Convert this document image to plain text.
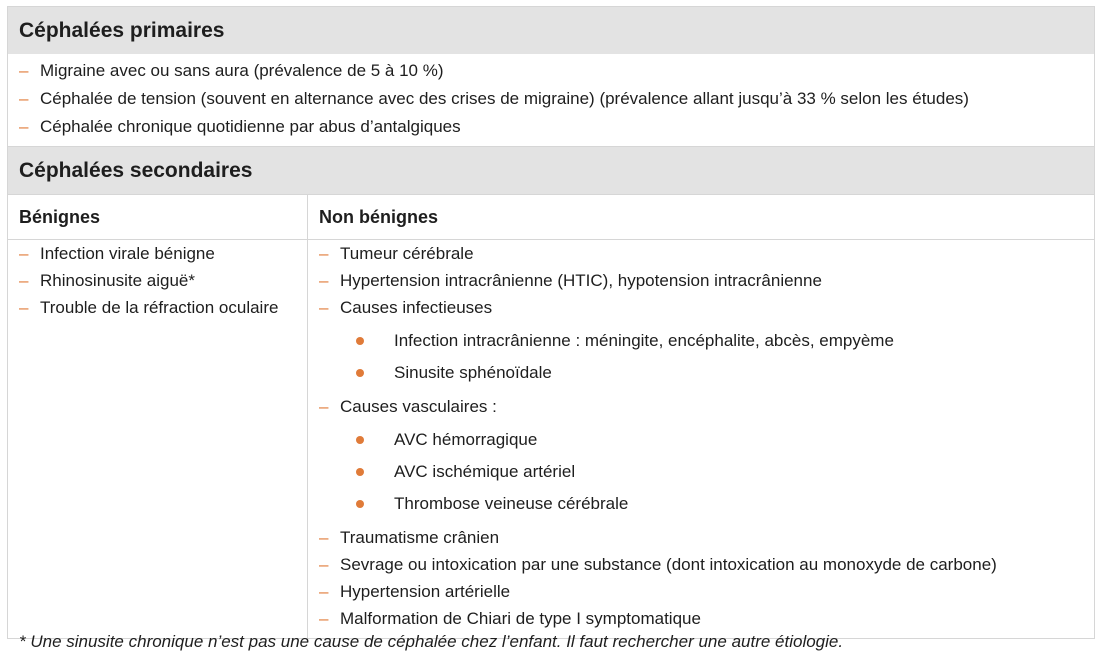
Céphalées primaires
– Migraine avec ou sans aura (prévalence de 5 à 10 %)
– Céphalée de tension (souvent en alternance avec des crises de migraine) (prévalence allant jusqu’à 33 % selon les études)
– Céphalée chronique quotidienne par abus d’antalgiques
Céphalées secondaires
Bénignes
– Infection virale bénigne
– Rhinosinusite aiguë*
– Trouble de la réfraction oculaire
Non bénignes
– Tumeur cérébrale
– Hypertension intracrânienne (HTIC), hypotension intracrânienne
– Causes infectieuses
Infection intracrânienne : méningite, encéphalite, abcès, empyème
Sinusite sphénoïdale
– Causes vasculaires :
AVC hémorragique
AVC ischémique artériel
Thrombose veineuse cérébrale
– Traumatisme crânien
– Sevrage ou intoxication par une substance (dont intoxication au monoxyde de carbone)
– Hypertension artérielle
– Malformation de Chiari de type I symptomatique
* Une sinusite chronique n’est pas une cause de céphalée chez l’enfant. Il faut rechercher une autre étiologie.
